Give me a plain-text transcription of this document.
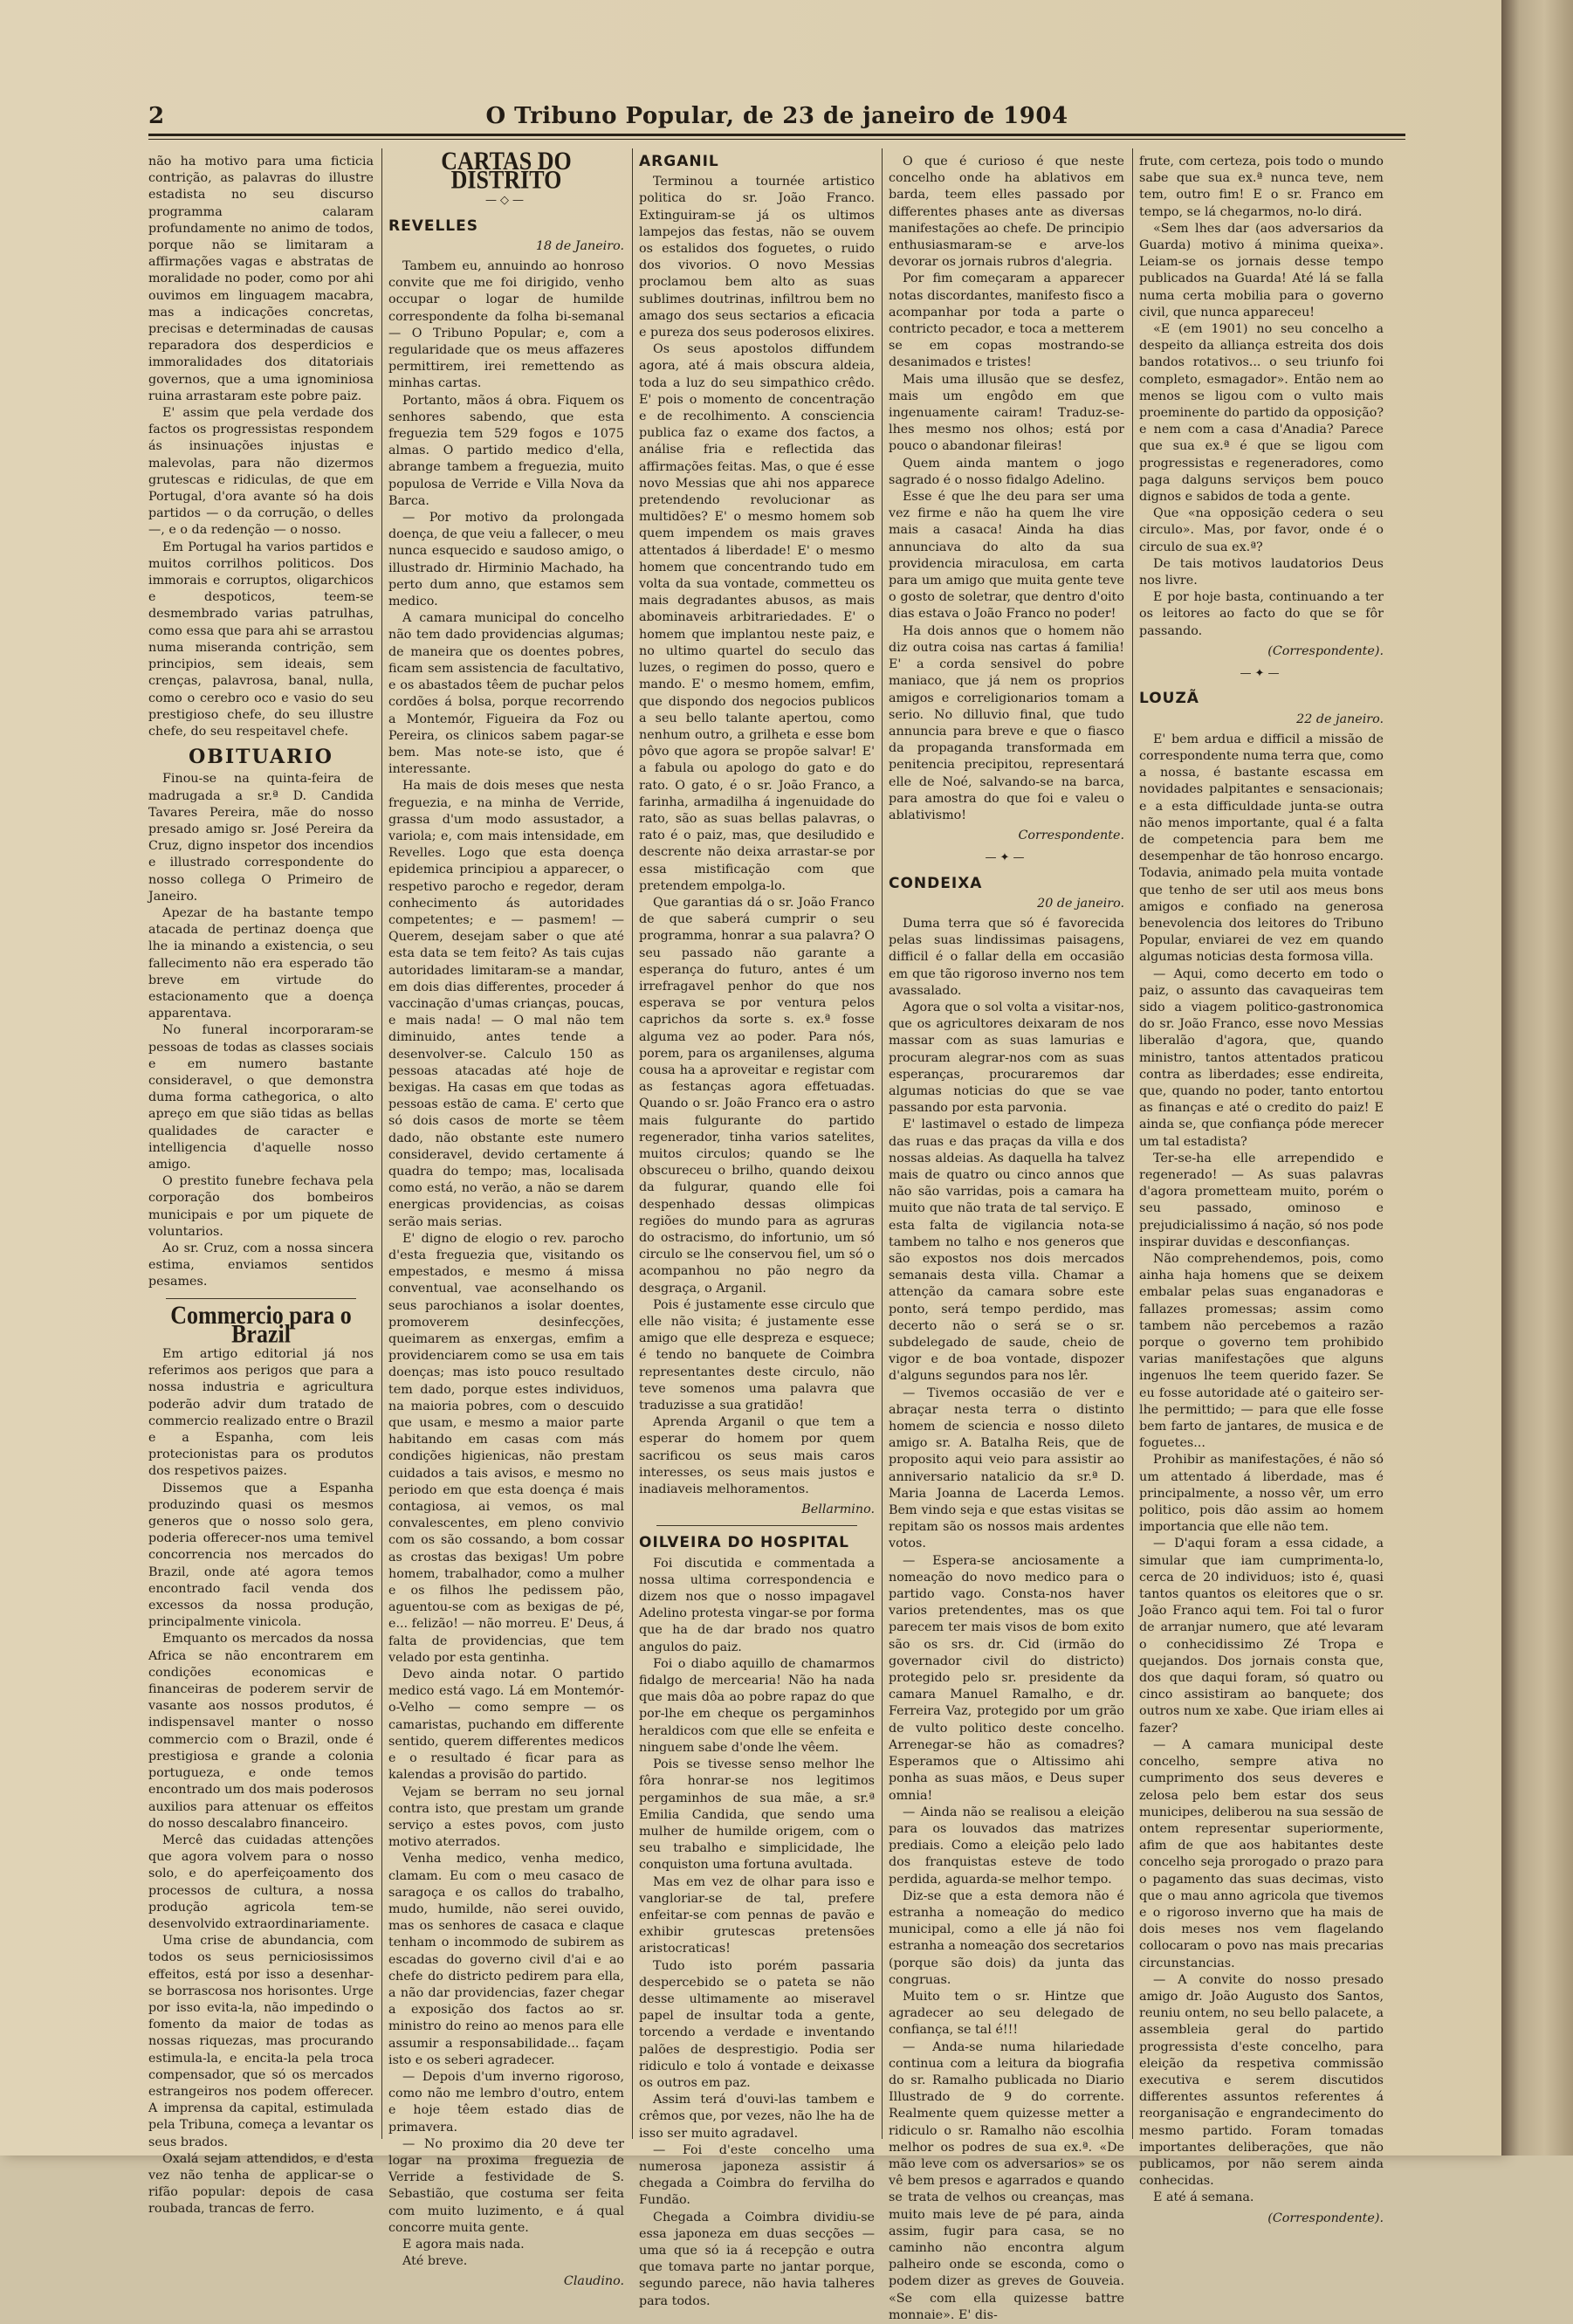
2	O Tribuno Popular, de 23 de janeiro de 1904

não ha motivo para uma ficticia contrição, as palavras do illustre estadista no seu discurso programma calaram profundamente no animo de todos, porque não se limitaram a affirmações vagas e abstratas de moralidade no poder, como por ahi ouvimos em linguagem macabra, mas a indicações concretas, precisas e determinadas de causas reparadora dos desperdicios e immoralidades dos ditatoriais governos, que a uma ignominiosa ruina arrastaram este pobre paiz.

E' assim que pela verdade dos factos os progressistas respondem ás insinuações injustas e malevolas, para não dizermos grutescas e ridiculas, de que em Portugal, d'ora avante só ha dois partidos — o da corrução, o delles —, e o da redenção — o nosso.

Em Portugal ha varios partidos e muitos corrilhos politicos. Dos immorais e corruptos, oligarchicos e despoticos, teem-se desmembrado varias patrulhas, como essa que para ahi se arrastou numa miseranda contrição, sem principios, sem ideais, sem crenças, palavrosa, banal, nulla, como o cerebro oco e vasio do seu prestigioso chefe, do seu illustre chefe, do seu respeitavel chefe.

OBITUARIO

Finou-se na quinta-feira de madrugada a sr.ª D. Candida Tavares Pereira, mãe do nosso presado amigo sr. José Pereira da Cruz, digno inspetor dos incendios e illustrado correspondente do nosso collega O Primeiro de Janeiro.

Apezar de ha bastante tempo atacada de pertinaz doença que lhe ia minando a existencia, o seu fallecimento não era esperado tão breve em virtude do estacionamento que a doença apparentava.

No funeral incorporaram-se pessoas de todas as classes sociais e em numero bastante consideravel, o que demonstra duma forma cathegorica, o alto apreço em que sião tidas as bellas qualidades de caracter e intelligencia d'aquelle nosso amigo.

O prestito funebre fechava pela corporação dos bombeiros municipais e por um piquete de voluntarios.

Ao sr. Cruz, com a nossa sincera estima, enviamos sentidos pesames.

Commercio para o Brazil

Em artigo editorial já nos referimos aos perigos que para a nossa industria e agricultura poderão advir dum tratado de commercio realizado entre o Brazil e a Espanha, com leis protecionistas para os produtos dos respetivos paizes.

Dissemos que a Espanha produzindo quasi os mesmos generos que o nosso solo gera, poderia offerecer-nos uma temivel concorrencia nos mercados do Brazil, onde até agora temos encontrado facil venda dos excessos da nossa produção, principalmente vinicola.

Emquanto os mercados da nossa Africa se não encontrarem em condições economicas e financeiras de poderem servir de vasante aos nossos produtos, é indispensavel manter o nosso commercio com o Brazil, onde é prestigiosa e grande a colonia portugueza, e onde temos encontrado um dos mais poderosos auxilios para attenuar os effeitos do nosso descalabro financeiro.

Mercê das cuidadas attenções que agora volvem para o nosso solo, e do aperfeiçoamento dos processos de cultura, a nossa produção agricola tem-se desenvolvido extraordinariamente.

Uma crise de abundancia, com todos os seus perniciosissimos effeitos, está por isso a desenhar-se borrascosa nos horisontes. Urge por isso evita-la, não impedindo o fomento da maior de todas as nossas riquezas, mas procurando estimula-la, e encita-la pela troca compensador, que só os mercados estrangeiros nos podem offerecer. A imprensa da capital, estimulada pela Tribuna, começa a levantar os seus brados.

Oxalá sejam attendidos, e d'esta vez não tenha de applicar-se o rifão popular: depois de casa roubada, trancas de ferro.

CARTAS DO DISTRITO
—◇—
REVELLES
18 de Janeiro.

Tambem eu, annuindo ao honroso convite que me foi dirigido, venho occupar o logar de humilde correspondente da folha bi-semanal — O Tribuno Popular; e, com a regularidade que os meus affazeres permittirem, irei remettendo as minhas cartas.

Portanto, mãos á obra. Fiquem os senhores sabendo, que esta freguezia tem 529 fogos e 1075 almas. O partido medico d'ella, abrange tambem a freguezia, muito populosa de Verride e Villa Nova da Barca.

— Por motivo da prolongada doença, de que veiu a fallecer, o meu nunca esquecido e saudoso amigo, o illustrado dr. Hirminio Machado, ha perto dum anno, que estamos sem medico.

A camara municipal do concelho não tem dado providencias algumas; de maneira que os doentes pobres, ficam sem assistencia de facultativo, e os abastados têem de puchar pelos cordões á bolsa, porque recorrendo a Montemór, Figueira da Foz ou Pereira, os clinicos sabem pagar-se bem. Mas note-se isto, que é interessante.

Ha mais de dois meses que nesta freguezia, e na minha de Verride, grassa d'um modo assustador, a variola; e, com mais intensidade, em Revelles. Logo que esta doença epidemica principiou a apparecer, o respetivo parocho e regedor, deram conhecimento ás autoridades competentes; e — pasmem! — Querem, desejam saber o que até esta data se tem feito? As tais cujas autoridades limitaram-se a mandar, em dois dias differentes, proceder á vaccinação d'umas crianças, poucas, e mais nada! — O mal não tem diminuido, antes tende a desenvolver-se. Calculo 150 as pessoas atacadas até hoje de bexigas. Ha casas em que todas as pessoas estão de cama. E' certo que só dois casos de morte se têem dado, não obstante este numero consideravel, devido certamente á quadra do tempo; mas, localisada como está, no verão, a não se darem energicas providencias, as coisas serão mais serias.

E' digno de elogio o rev. parocho d'esta freguezia que, visitando os empestados, e mesmo á missa conventual, vae aconselhando os seus parochianos a isolar doentes, promoverem desinfecções, queimarem as enxergas, emfim a providenciarem como se usa em tais doenças; mas isto pouco resultado tem dado, porque estes individuos, na maioria pobres, com o descuido que usam, e mesmo a maior parte habitando em casas com más condições higienicas, não prestam cuidados a tais avisos, e mesmo no periodo em que esta doença é mais contagiosa, ai vemos, os mal convalescentes, em pleno convivio com os são cossando, a bom cossar as crostas das bexigas! Um pobre homem, trabalhador, como a mulher e os filhos lhe pedissem pão, aguentou-se com as bexigas de pé, e... felizão! — não morreu. E' Deus, á falta de providencias, que tem velado por esta gentinha.

Devo ainda notar. O partido medico está vago. Lá em Montemór-o-Velho — como sempre — os camaristas, puchando em differente sentido, querem differentes medicos e o resultado é ficar para as kalendas a provisão do partido.

Vejam se berram no seu jornal contra isto, que prestam um grande serviço a estes povos, com justo motivo aterrados.

Venha medico, venha medico, clamam. Eu com o meu casaco de saragoça e os callos do trabalho, mudo, humilde, não serei ouvido, mas os senhores de casaca e claque tenham o incommodo de subirem as escadas do governo civil d'ai e ao chefe do districto pedirem para ella, a não dar providencias, fazer chegar a exposição dos factos ao sr. ministro do reino ao menos para elle assumir a responsabilidade... façam isto e os seberi agradecer.

— Depois d'um inverno rigoroso, como não me lembro d'outro, entem e hoje têem estado dias de primavera.

— No proximo dia 20 deve ter logar na proxima freguezia de Verride a festividade de S. Sebastião, que costuma ser feita com muito luzimento, e á qual concorre muita gente.

E agora mais nada.

Até breve.

Claudino.
ARGANIL

Terminou a tournée artistico politica do sr. João Franco. Extinguiram-se já os ultimos lampejos das festas, não se ouvem os estalidos dos foguetes, o ruido dos vivorios. O novo Messias proclamou bem alto as suas sublimes doutrinas, infiltrou bem no amago dos seus sectarios a eficacia e pureza dos seus poderosos elixires.

Os seus apostolos diffundem agora, até á mais obscura aldeia, toda a luz do seu simpathico crêdo. E' pois o momento de concentração e de recolhimento. A consciencia publica faz o exame dos factos, a análise fria e reflectida das affirmações feitas. Mas, o que é esse novo Messias que ahi nos apparece pretendendo revolucionar as multidões? E' o mesmo homem sob quem impendem os mais graves attentados á liberdade! E' o mesmo homem que concentrando tudo em volta da sua vontade, commetteu os mais degradantes abusos, as mais abominaveis arbitrariedades. E' o homem que implantou neste paiz, e no ultimo quartel do seculo das luzes, o regimen do posso, quero e mando. E' o mesmo homem, emfim, que dispondo dos negocios publicos a seu bello talante apertou, como nenhum outro, a grilheta e esse bom pôvo que agora se propõe salvar! E' a fabula ou apologo do gato e do rato. O gato, é o sr. João Franco, a farinha, armadilha á ingenuidade do rato, são as suas bellas palavras, o rato é o paiz, mas, que desiludido e descrente não deixa arrastar-se por essa mistificação com que pretendem empolga-lo.

Que garantias dá o sr. João Franco de que saberá cumprir o seu programma, honrar a sua palavra? O seu passado não garante a esperança do futuro, antes é um irrefragavel penhor do que nos esperava se por ventura pelos caprichos da sorte s. ex.ª fosse alguma vez ao poder. Para nós, porem, para os arganilenses, alguma cousa ha a aproveitar e registar com as festanças agora effetuadas. Quando o sr. João Franco era o astro mais fulgurante do partido regenerador, tinha varios satelites, muitos circulos; quando se lhe obscureceu o brilho, quando deixou da fulgurar, quando elle foi despenhado dessas olimpicas regiões do mundo para as agruras do ostracismo, do infortunio, um só circulo se lhe conservou fiel, um só o acompanhou no pão negro da desgraça, o Arganil.

Pois é justamente esse circulo que elle não visita; é justamente esse amigo que elle despreza e esquece; é tendo no banquete de Coimbra representantes deste circulo, não teve somenos uma palavra que traduzisse a sua gratidão!

Aprenda Arganil o que tem a esperar do homem por quem sacrificou os seus mais caros interesses, os seus mais justos e inadiaveis melhoramentos.

Bellarmino.
OILVEIRA DO HOSPITAL

Foi discutida e commentada a nossa ultima correspondencia e dizem nos que o nosso impagavel Adelino protesta vingar-se por forma que ha de dar brado nos quatro angulos do paiz.

Foi o diabo aquillo de chamarmos fidalgo de mercearia! Não ha nada que mais dôa ao pobre rapaz do que por-lhe em cheque os pergaminhos heraldicos com que elle se enfeita e ninguem sabe d'onde lhe vêem.

Pois se tivesse senso melhor lhe fôra honrar-se nos legitimos pergaminhos de sua mãe, a sr.ª Emilia Candida, que sendo uma mulher de humilde origem, com o seu trabalho e simplicidade, lhe conquiston uma fortuna avultada.

Mas em vez de olhar para isso e vangloriar-se de tal, prefere enfeitar-se com pennas de pavão e exhibir grutescas pretensões aristocraticas!

Tudo isto porém passaria despercebido se o pateta se não desse ultimamente ao miseravel papel de insultar toda a gente, torcendo a verdade e inventando palões de desprestigio. Podia ser ridiculo e tolo á vontade e deixasse os outros em paz.

Assim terá d'ouvi-las tambem e crêmos que, por vezes, não lhe ha de isso ser muito agradavel.

— Foi d'este concelho uma numerosa japoneza assistir á chegada a Coimbra do fervilha do Fundão.

Chegada a Coimbra dividiu-se essa japoneza em duas secções — uma que só ia á recepção e outra que tomava parte no jantar porque, segundo parece, não havia talheres para todos.

O que é curioso é que neste concelho onde ha ablativos em barda, teem elles passado por differentes phases ante as diversas manifestações ao chefe. De principio enthusiasmaram-se e arve-los devorar os jornais rubros d'alegria.

Por fim começaram a apparecer notas discordantes, manifesto fisco a acompanhar por toda a parte o contricto pecador, e toca a metterem se em copas mostrando-se desanimados e tristes!

Mais uma illusão que se desfez, mais um engôdo em que ingenuamente cairam! Traduz-se-lhes mesmo nos olhos; está por pouco o abandonar fileiras!

Quem ainda mantem o jogo sagrado é o nosso fidalgo Adelino.

Esse é que lhe deu para ser uma vez firme e não ha quem lhe vire mais a casaca! Ainda ha dias annunciava do alto da sua providencia miraculosa, em carta para um amigo que muita gente teve o gosto de soletrar, que dentro d'oito dias estava o João Franco no poder!

Ha dois annos que o homem não diz outra coisa nas cartas á familia! E' a corda sensivel do pobre maniaco, que já nem os proprios amigos e correligionarios tomam a serio. No dilluvio final, que tudo annuncia para breve e que o fiasco da propaganda transformada em penitencia precipitou, representará elle de Noé, salvando-se na barca, para amostra do que foi e valeu o ablativismo!

Correspondente.
—✦—
CONDEIXA
20 de janeiro.

Duma terra que só é favorecida pelas suas lindissimas paisagens, difficil é o fallar della em occasião em que tão rigoroso inverno nos tem avassalado.

Agora que o sol volta a visitar-nos, que os agricultores deixaram de nos massar com as suas lamurias e procuram alegrar-nos com as suas esperanças, procuraremos dar algumas noticias do que se vae passando por esta parvonia.

E' lastimavel o estado de limpeza das ruas e das praças da villa e dos nossas aldeias. As daquella ha talvez mais de quatro ou cinco annos que não são varridas, pois a camara ha muito que não trata de tal serviço. E esta falta de vigilancia nota-se tambem no talho e nos generos que são expostos nos dois mercados semanais desta villa. Chamar a attenção da camara sobre este ponto, será tempo perdido, mas decerto não o será se o sr. subdelegado de saude, cheio de vigor e de boa vontade, dispozer d'alguns segundos para nos lêr.

— Tivemos occasião de ver e abraçar nesta terra o distinto homem de sciencia e nosso dileto amigo sr. A. Batalha Reis, que de proposito aqui veio para assistir ao anniversario natalicio da sr.ª D. Maria Joanna de Lacerda Lemos. Bem vindo seja e que estas visitas se repitam são os nossos mais ardentes votos.

— Espera-se anciosamente a nomeação do novo medico para o partido vago. Consta-nos haver varios pretendentes, mas os que parecem ter mais visos de bom exito são os srs. dr. Cid (irmão do governador civil do districto) protegido pelo sr. presidente da camara Manuel Ramalho, e dr. Ferreira Vaz, protegido por um grão de vulto politico deste concelho. Arrenegar-se hão as comadres? Esperamos que o Altissimo ahi ponha as suas mãos, e Deus super omnia!

— Ainda não se realisou a eleição para os louvados das matrizes prediais. Como a eleição pelo lado dos franquistas esteve de todo perdida, aguarda-se melhor tempo.

Diz-se que a esta demora não é estranha a nomeação do medico municipal, como a elle já não foi estranha a nomeação dos secretarios (porque são dois) da junta das congruas.

Muito tem o sr. Hintze que agradecer ao seu delegado de confiança, se tal é!!!

— Anda-se numa hilariedade continua com a leitura da biografia do sr. Ramalho publicada no Diario Illustrado de 9 do corrente. Realmente quem quizesse metter a ridiculo o sr. Ramalho não escolhia melhor os podres de sua ex.ª. «De mão leve com os adversarios» se os vê bem presos e agarrados e quando se trata de velhos ou creanças, mas muito mais leve de pé para, ainda assim, fugir para casa, se no caminho não encontra algum palheiro onde se esconda, como o podem dizer as greves de Gouveia. «Se com ella quizesse battre monnaie». E' dis-

frute, com certeza, pois todo o mundo sabe que sua ex.ª nunca teve, nem tem, outro fim! E o sr. Franco em tempo, se lá chegarmos, no-lo dirá.

«Sem lhes dar (aos adversarios da Guarda) motivo á minima queixa». Leiam-se os jornais desse tempo publicados na Guarda! Até lá se falla numa certa mobilia para o governo civil, que nunca appareceu!

«E (em 1901) no seu concelho a despeito da alliança estreita dos dois bandos rotativos... o seu triunfo foi completo, esmagador». Então nem ao menos se ligou com o vulto mais proeminente do partido da opposição? e nem com a casa d'Anadia? Parece que sua ex.ª é que se ligou com progressistas e regeneradores, como paga dalguns serviços bem pouco dignos e sabidos de toda a gente.

Que «na opposição cedera o seu circulo». Mas, por favor, onde é o circulo de sua ex.ª?

De tais motivos laudatorios Deus nos livre.

E por hoje basta, continuando a ter os leitores ao facto do que se fôr passando.

(Correspondente).
—✦—
LOUZÃ
22 de janeiro.

E' bem ardua e difficil a missão de correspondente numa terra que, como a nossa, é bastante escassa em novidades palpitantes e sensacionais; e a esta difficuldade junta-se outra não menos importante, qual é a falta de competencia para bem me desempenhar de tão honroso encargo. Todavia, animado pela muita vontade que tenho de ser util aos meus bons amigos e confiado na generosa benevolencia dos leitores do Tribuno Popular, enviarei de vez em quando algumas noticias desta formosa villa.

— Aqui, como decerto em todo o paiz, o assunto das cavaqueiras tem sido a viagem politico-gastronomica do sr. João Franco, esse novo Messias liberalão d'agora, que, quando ministro, tantos attentados praticou contra as liberdades; esse endireita, que, quando no poder, tanto entortou as finanças e até o credito do paiz! E ainda se, que confiança póde merecer um tal estadista?

Ter-se-ha elle arrependido e regenerado! — As suas palavras d'agora prometteam muito, porém o seu passado, ominoso e prejudicialissimo á nação, só nos pode inspirar duvidas e desconfianças.

Não comprehendemos, pois, como ainha haja homens que se deixem embalar pelas suas enganadoras e fallazes promessas; assim como tambem não percebemos a razão porque o governo tem prohibido varias manifestações que alguns ingenuos lhe teem querido fazer. Se eu fosse autoridade até o gaiteiro ser-lhe permittido; — para que elle fosse bem farto de jantares, de musica e de foguetes...

Prohibir as manifestações, é não só um attentado á liberdade, mas é principalmente, a nosso vêr, um erro politico, pois dão assim ao homem importancia que elle não tem.

— D'aqui foram a essa cidade, a simular que iam cumprimenta-lo, cerca de 20 individuos; isto é, quasi tantos quantos os eleitores que o sr. João Franco aqui tem. Foi tal o furor de arranjar numero, que até levaram o conhecidissimo Zé Tropa e quejandos. Dos jornais consta que, dos que daqui foram, só quatro ou cinco assistiram ao banquete; dos outros num xe xabe. Que iriam elles ai fazer?

— A camara municipal deste concelho, sempre ativa no cumprimento dos seus deveres e zelosa pelo bem estar dos seus municipes, deliberou na sua sessão de ontem representar superiormente, afim de que aos habitantes deste concelho seja prorogado o prazo para o pagamento das suas decimas, visto que o mau anno agricola que tivemos e o rigoroso inverno que ha mais de dois meses nos vem flagelando collocaram o povo nas mais precarias circunstancias.

— A convite do nosso presado amigo dr. João Augusto dos Santos, reuniu ontem, no seu bello palacete, a assembleia geral do partido progressista d'este concelho, para eleição da respetiva commissão executiva e serem discutidos differentes assuntos referentes á reorganisação e engrandecimento do mesmo partido. Foram tomadas importantes deliberações, que não publicamos, por não serem ainda conhecidas.

E até á semana.

(Correspondente).
